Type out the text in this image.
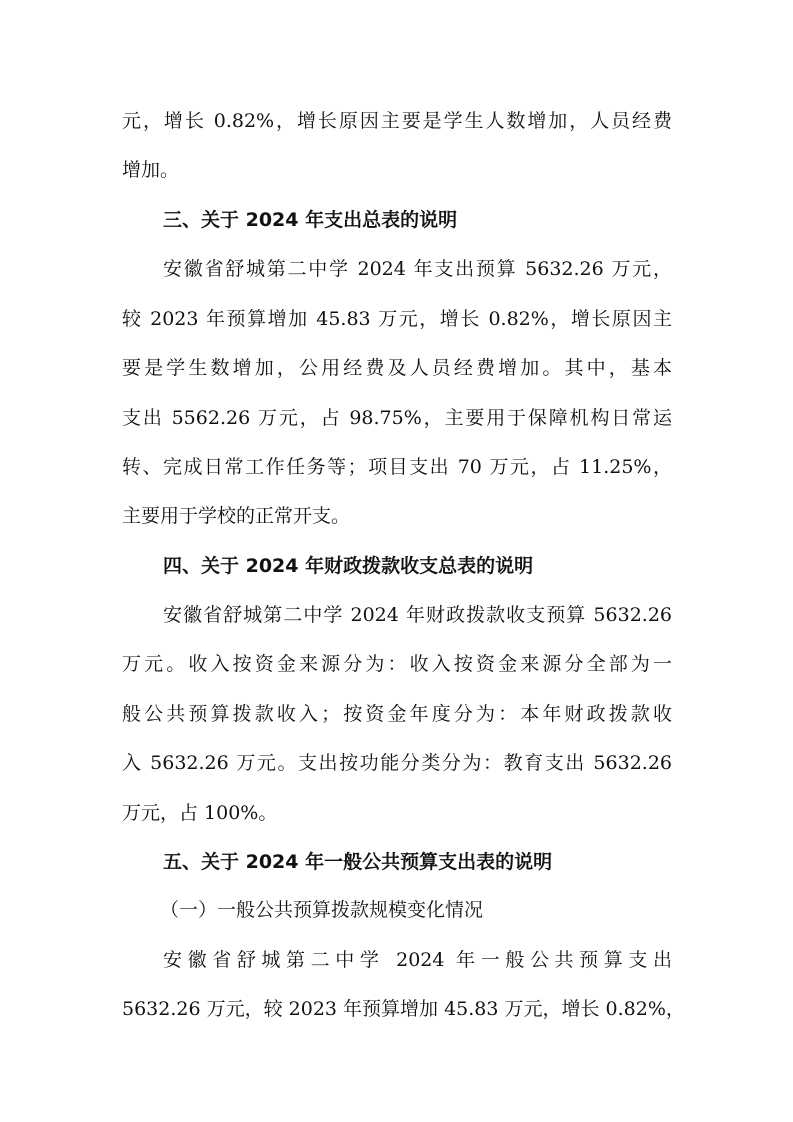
元，增长 0.82%，增长原因主要是学生人数增加，人员经费
增加。
三、关于 2024 年支出总表的说明
安徽省舒城第二中学 2024 年支出预算 5632.26 万元，
较 2023 年预算增加 45.83 万元，增长 0.82%，增长原因主
要是学生数增加，公用经费及人员经费增加。其中，基本
支出 5562.26 万元，占 98.75%，主要用于保障机构日常运
转、完成日常工作任务等；项目支出 70 万元，占 11.25%，
主要用于学校的正常开支。
四、关于 2024 年财政拨款收支总表的说明
安徽省舒城第二中学 2024 年财政拨款收支预算 5632.26
万元。收入按资金来源分为：收入按资金来源分全部为一
般公共预算拨款收入；按资金年度分为：本年财政拨款收
入 5632.26 万元。支出按功能分类分为：教育支出 5632.26
万元，占 100%。
五、关于 2024 年一般公共预算支出表的说明
（一）一般公共预算拨款规模变化情况
安徽省舒城第二中学 2024 年一般公共预算支出
5632.26 万元，较 2023 年预算增加 45.83 万元，增长 0.82%，
